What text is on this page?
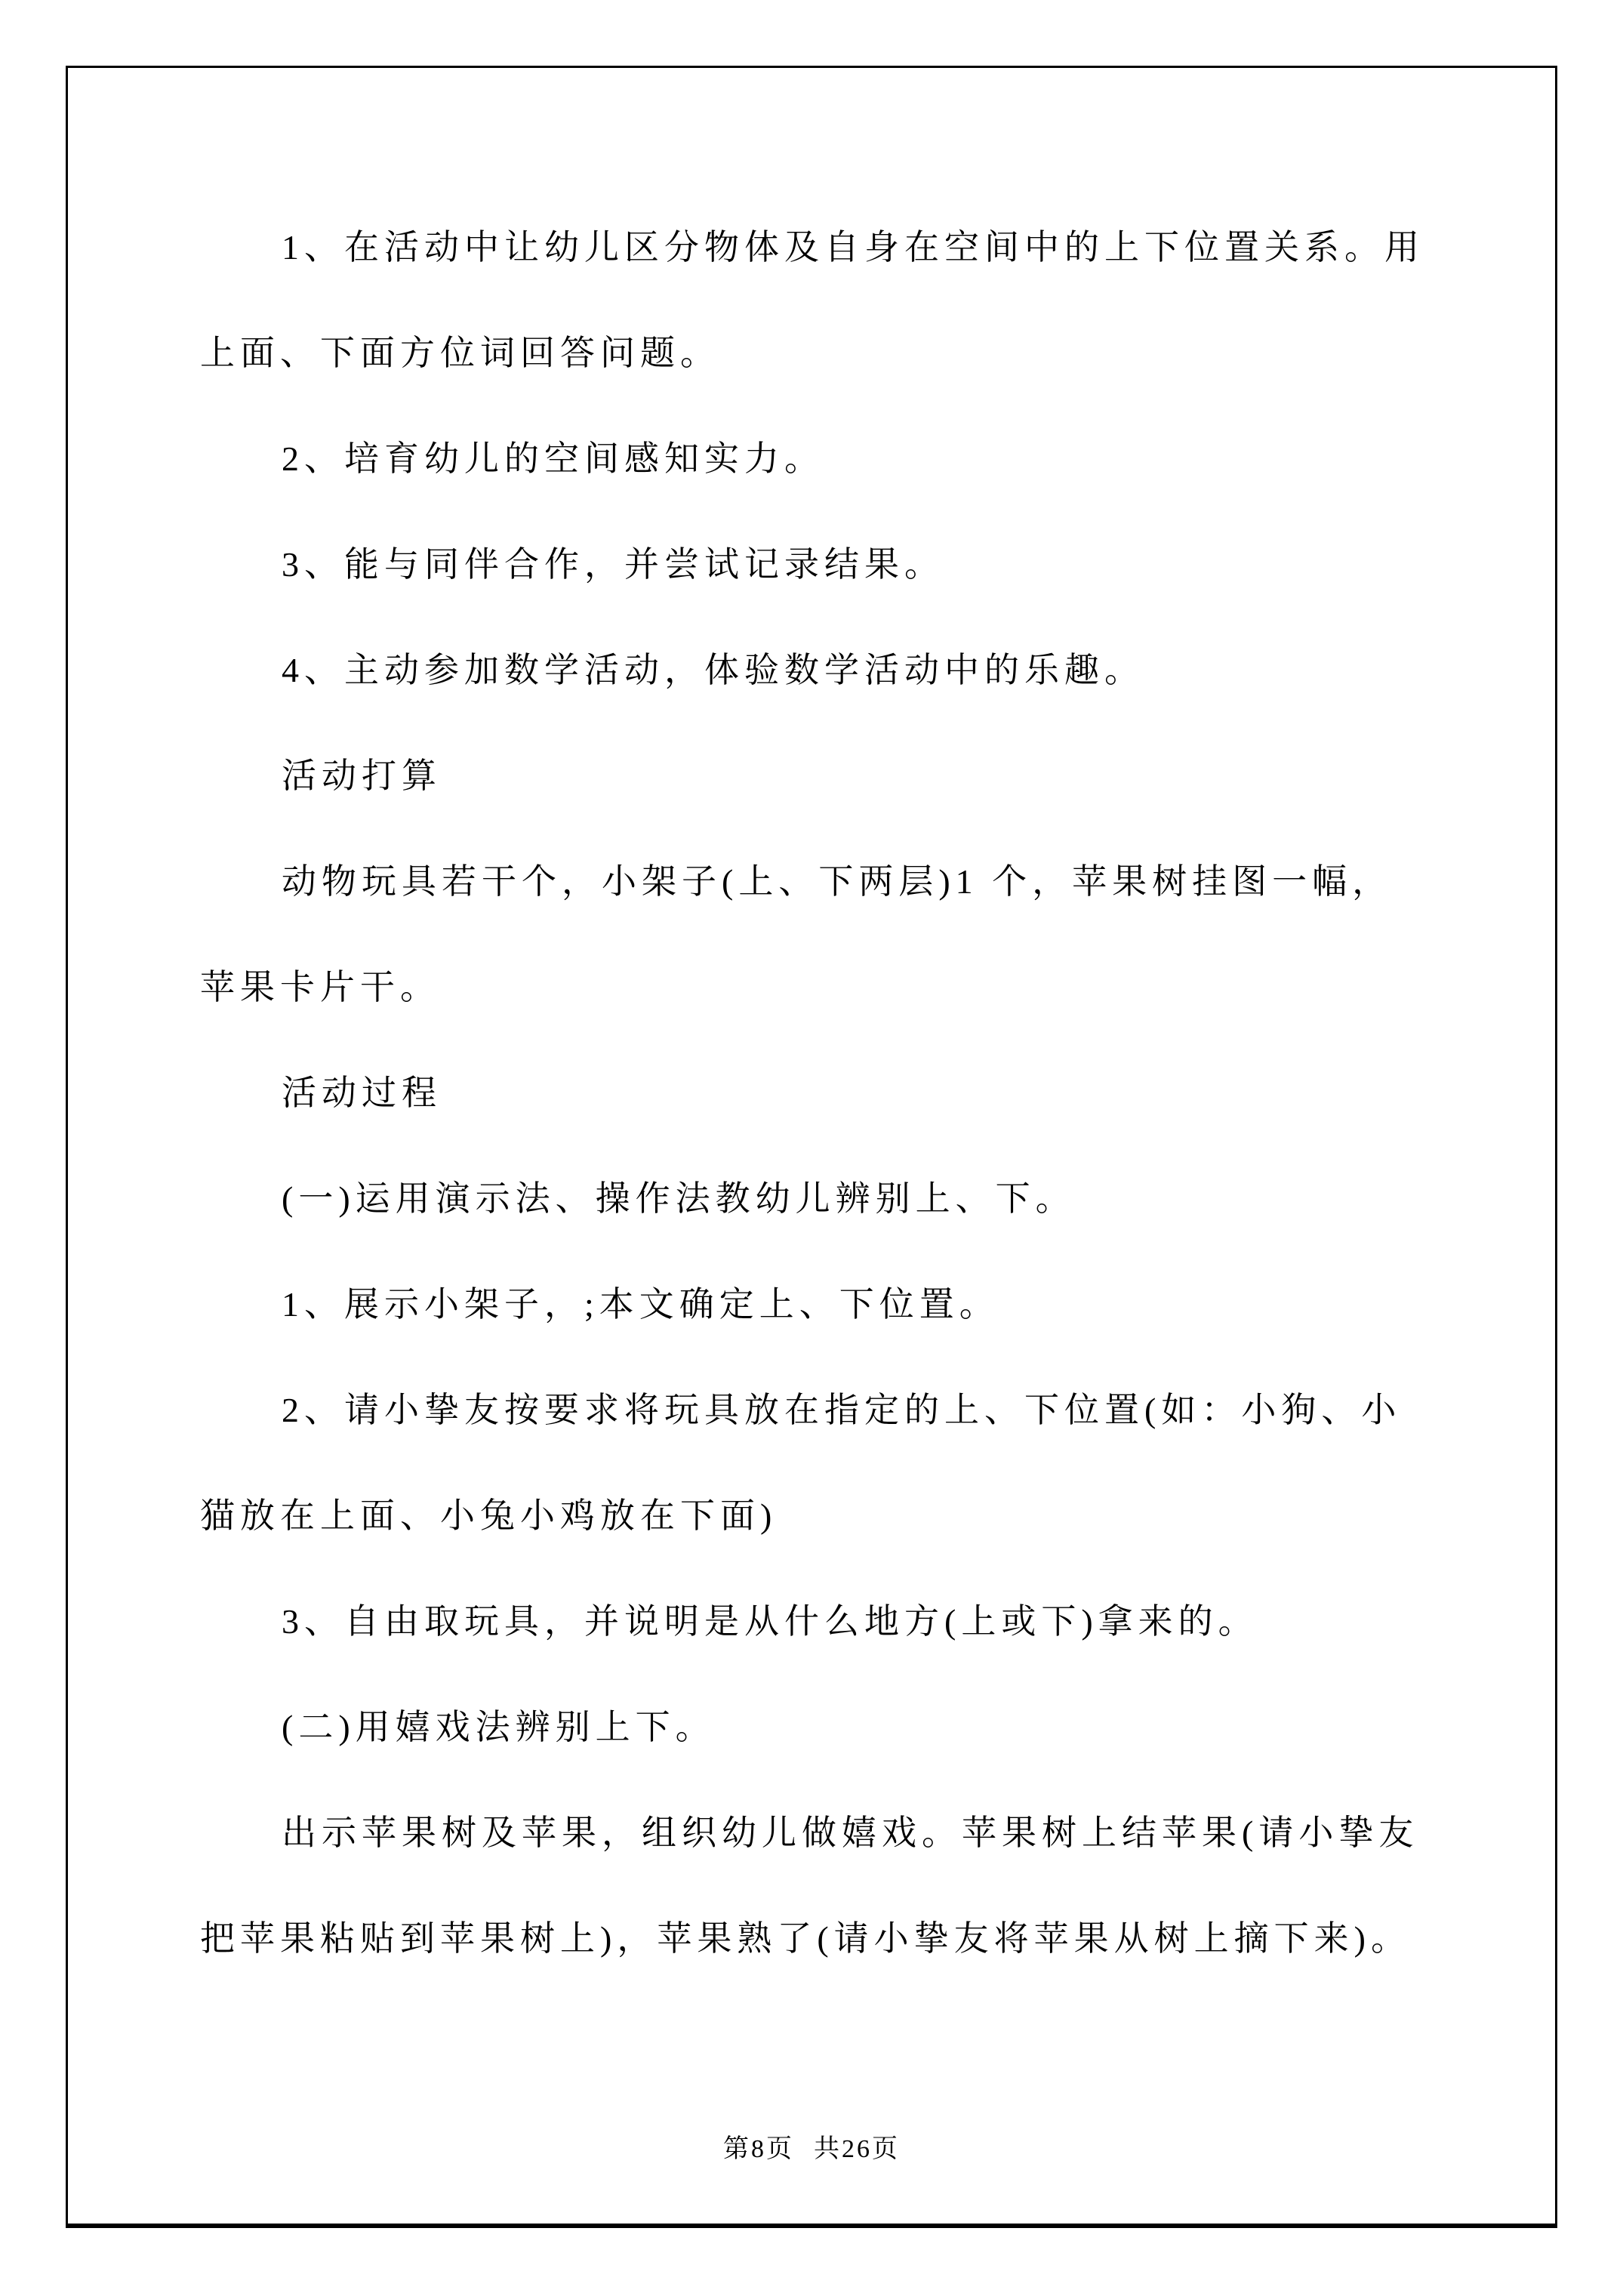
1、在活动中让幼儿区分物体及自身在空间中的上下位置关系。用
上面、下面方位词回答问题。
2、培育幼儿的空间感知实力。
3、能与同伴合作，并尝试记录结果。
4、主动参加数学活动，体验数学活动中的乐趣。
活动打算
动物玩具若干个，小架子(上、下两层)1 个，苹果树挂图一幅，
苹果卡片干。
活动过程
(一)运用演示法、操作法教幼儿辨别上、下。
1、展示小架子，;本文确定上、下位置。
2、请小挚友按要求将玩具放在指定的上、下位置(如：小狗、小
猫放在上面、小兔小鸡放在下面)
3、自由取玩具，并说明是从什么地方(上或下)拿来的。
(二)用嬉戏法辨别上下。
出示苹果树及苹果，组织幼儿做嬉戏。苹果树上结苹果(请小挚友
把苹果粘贴到苹果树上)，苹果熟了(请小挚友将苹果从树上摘下来)。
第8页 共26页
